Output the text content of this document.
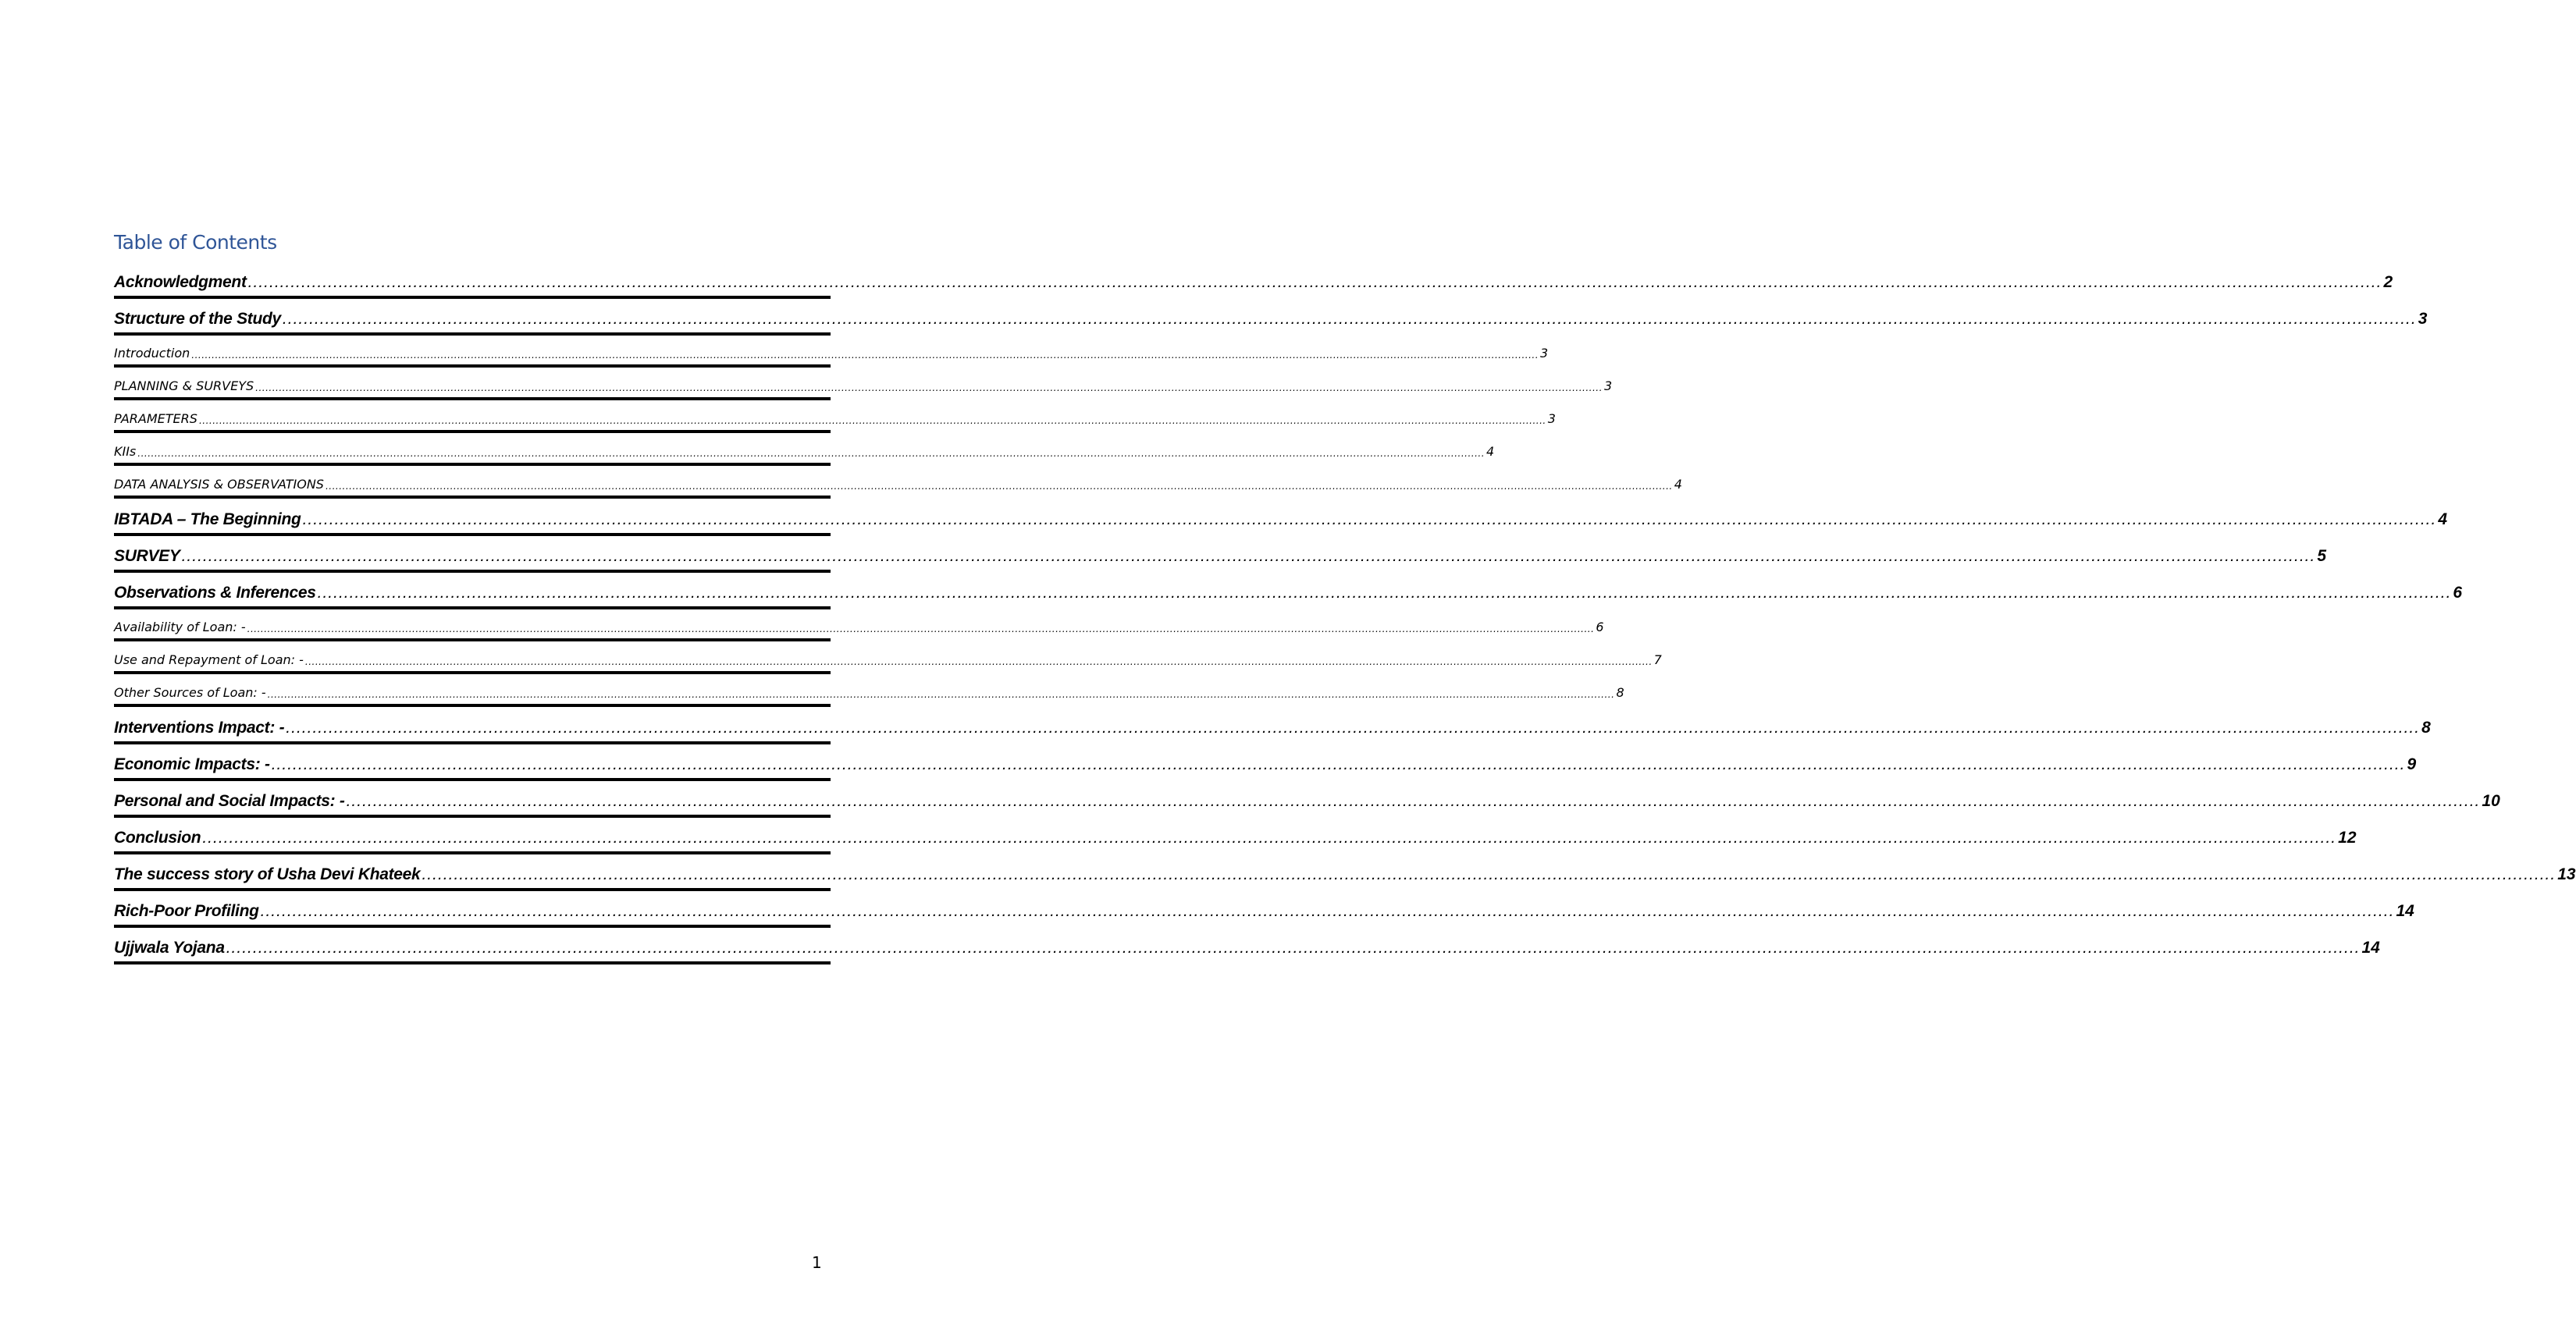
Table of Contents
Acknowledgment ................................................................................................................................................................................................................................................................................................................................................................................................................ 2
Structure of the Study ................................................................................................................................................................................................................................................................................................................................................................................................................ 3
Introduction ................................................................................................................................................................................................................................................................................................................................................................................................................ 3
PLANNING & SURVEYS ................................................................................................................................................................................................................................................................................................................................................................................................................ 3
PARAMETERS ................................................................................................................................................................................................................................................................................................................................................................................................................ 3
KIIs ................................................................................................................................................................................................................................................................................................................................................................................................................ 4
DATA ANALYSIS & OBSERVATIONS ................................................................................................................................................................................................................................................................................................................................................................................................................ 4
IBTADA – The Beginning ................................................................................................................................................................................................................................................................................................................................................................................................................ 4
SURVEY ................................................................................................................................................................................................................................................................................................................................................................................................................ 5
Observations & Inferences ................................................................................................................................................................................................................................................................................................................................................................................................................ 6
Availability of Loan: - ................................................................................................................................................................................................................................................................................................................................................................................................................ 6
Use and Repayment of Loan: - ................................................................................................................................................................................................................................................................................................................................................................................................................ 7
Other Sources of Loan: - ................................................................................................................................................................................................................................................................................................................................................................................................................ 8
Interventions Impact: - ................................................................................................................................................................................................................................................................................................................................................................................................................ 8
Economic Impacts: - ................................................................................................................................................................................................................................................................................................................................................................................................................ 9
Personal and Social Impacts: - ................................................................................................................................................................................................................................................................................................................................................................................................................ 10
Conclusion ................................................................................................................................................................................................................................................................................................................................................................................................................ 12
The success story of Usha Devi Khateek ................................................................................................................................................................................................................................................................................................................................................................................................................ 13
Rich-Poor Profiling ................................................................................................................................................................................................................................................................................................................................................................................................................ 14
Ujjwala Yojana ................................................................................................................................................................................................................................................................................................................................................................................................................ 14
1
